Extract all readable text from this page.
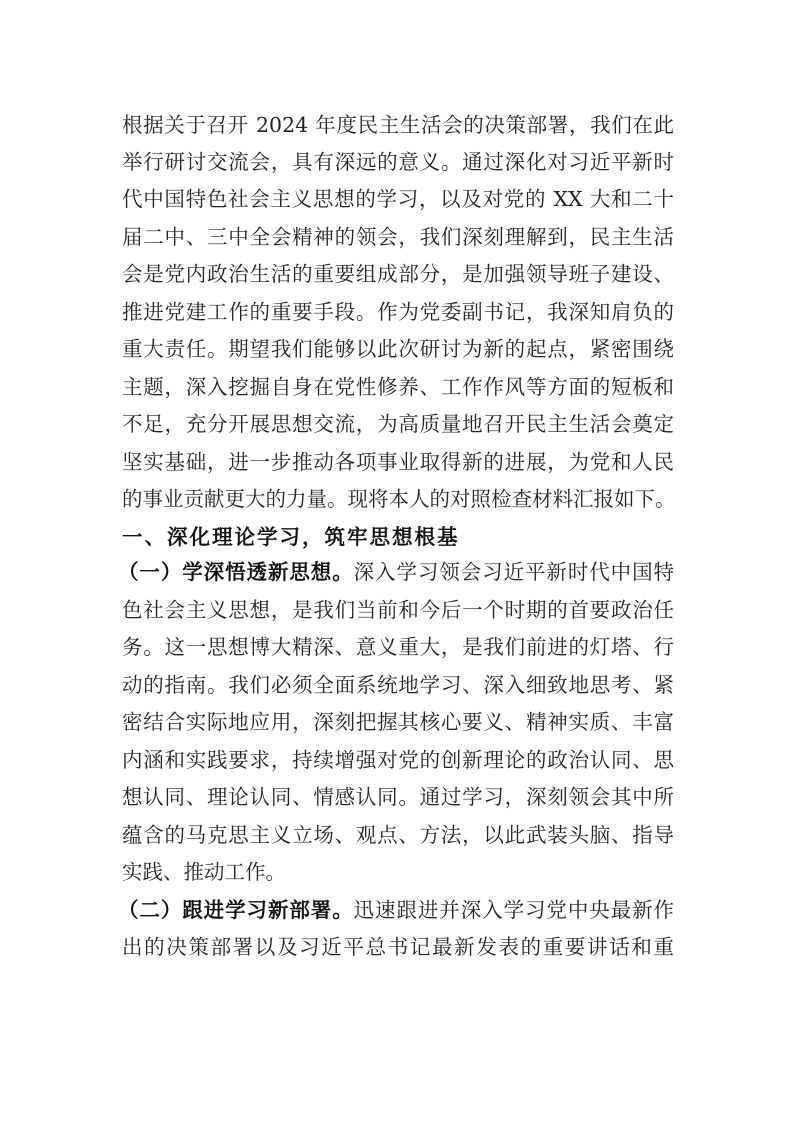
根据关于召开 2024 年度民主生活会的决策部署，我们在此
举行研讨交流会，具有深远的意义。通过深化对习近平新时
代中国特色社会主义思想的学习，以及对党的 XX 大和二十
届二中、三中全会精神的领会，我们深刻理解到，民主生活
会是党内政治生活的重要组成部分，是加强领导班子建设、
推进党建工作的重要手段。作为党委副书记，我深知肩负的
重大责任。期望我们能够以此次研讨为新的起点，紧密围绕
主题，深入挖掘自身在党性修养、工作作风等方面的短板和
不足，充分开展思想交流，为高质量地召开民主生活会奠定
坚实基础，进一步推动各项事业取得新的进展，为党和人民
的事业贡献更大的力量。现将本人的对照检查材料汇报如下。
一、深化理论学习，筑牢思想根基
（一）学深悟透新思想。深入学习领会习近平新时代中国特
色社会主义思想，是我们当前和今后一个时期的首要政治任
务。这一思想博大精深、意义重大，是我们前进的灯塔、行
动的指南。我们必须全面系统地学习、深入细致地思考、紧
密结合实际地应用，深刻把握其核心要义、精神实质、丰富
内涵和实践要求，持续增强对党的创新理论的政治认同、思
想认同、理论认同、情感认同。通过学习，深刻领会其中所
蕴含的马克思主义立场、观点、方法，以此武装头脑、指导
实践、推动工作。
（二）跟进学习新部署。迅速跟进并深入学习党中央最新作
出的决策部署以及习近平总书记最新发表的重要讲话和重
